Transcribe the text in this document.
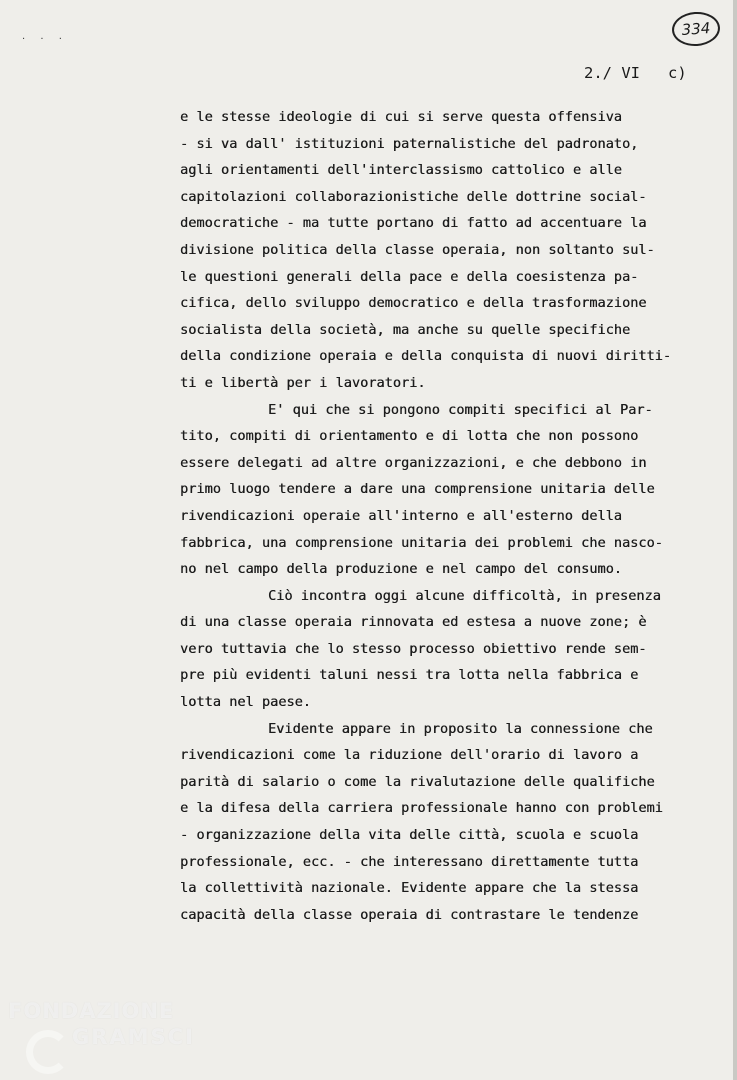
· · ·
334
2./ VI   c)
e le stesse ideologie di cui si serve questa offensiva
- si va dall' istituzioni paternalistiche del padronato,
agli orientamenti dell'interclassismo cattolico e alle
capitolazioni collaborazionistiche delle dottrine social-
democratiche - ma tutte portano di fatto ad accentuare la
divisione politica della classe operaia, non soltanto sul-
le questioni generali della pace e della coesistenza pa-
cifica, dello sviluppo democratico e della trasformazione
socialista della società, ma anche su quelle specifiche
della condizione operaia e della conquista di nuovi diritti-
ti e libertà per i lavoratori.
E' qui che si pongono compiti specifici al Par-
tito, compiti di orientamento e di lotta che non possono
essere delegati ad altre organizzazioni, e che debbono in
primo luogo tendere a dare una comprensione unitaria delle
rivendicazioni operaie all'interno e all'esterno della
fabbrica, una comprensione unitaria dei problemi che nasco-
no nel campo della produzione e nel campo del consumo.
Ciò incontra oggi alcune difficoltà, in presenza
di una classe operaia rinnovata ed estesa a nuove zone; è
vero tuttavia che lo stesso processo obiettivo rende sem-
pre più evidenti taluni nessi tra lotta nella fabbrica e
lotta nel paese.
Evidente appare in proposito la connessione che
rivendicazioni come la riduzione dell'orario di lavoro a
parità di salario o come la rivalutazione delle qualifiche
e la difesa della carriera professionale hanno con problemi
- organizzazione della vita delle città, scuola e scuola
professionale, ecc. - che interessano direttamente tutta
la collettività nazionale. Evidente appare che la stessa
capacità della classe operaia di contrastare le tendenze
FONDAZIONE
GRAMSCI
